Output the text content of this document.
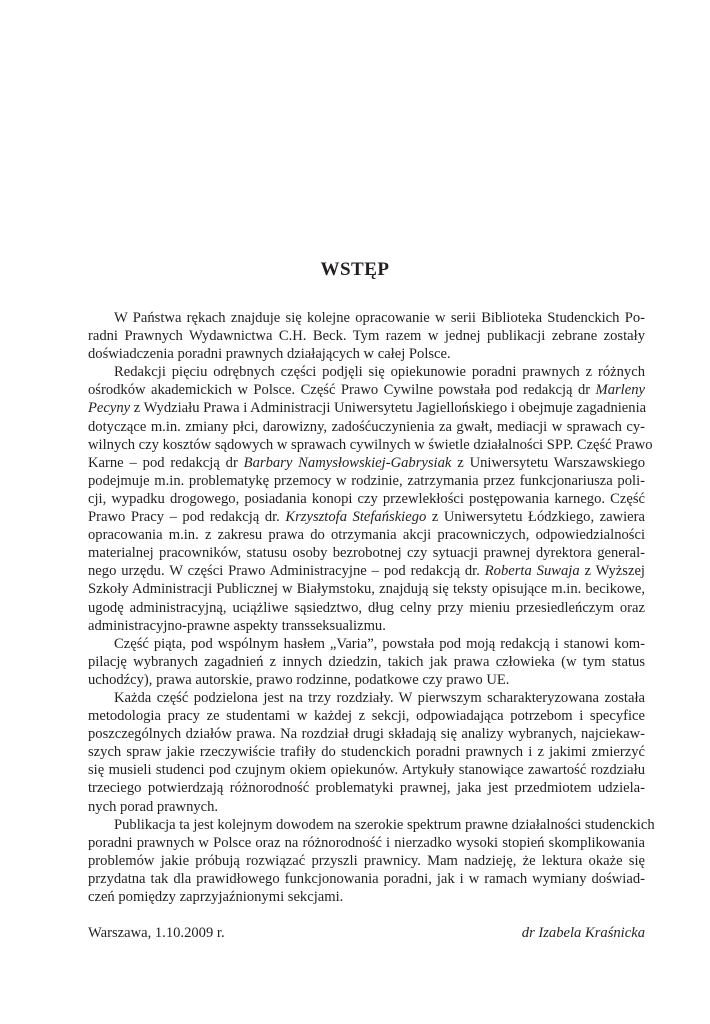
WSTĘP
W Państwa rękach znajduje się kolejne opracowanie w serii Biblioteka Studenckich Po-
radni Prawnych Wydawnictwa C.H. Beck. Tym razem w jednej publikacji zebrane zostały
doświadczenia poradni prawnych działających w całej Polsce.
Redakcji pięciu odrębnych części podjęli się opiekunowie poradni prawnych z różnych
ośrodków akademickich w Polsce. Część Prawo Cywilne powstała pod redakcją dr Marleny
Pecyny z Wydziału Prawa i Administracji Uniwersytetu Jagiellońskiego i obejmuje zagadnienia
dotyczące m.in. zmiany płci, darowizny, zadośćuczynienia za gwałt, mediacji w sprawach cy-
wilnych czy kosztów sądowych w sprawach cywilnych w świetle działalności SPP. Część Prawo
Karne – pod redakcją dr Barbary Namysłowskiej-Gabrysiak z Uniwersytetu Warszawskiego
podejmuje m.in. problematykę przemocy w rodzinie, zatrzymania przez funkcjonariusza poli-
cji, wypadku drogowego, posiadania konopi czy przewlekłości postępowania karnego. Część
Prawo Pracy – pod redakcją dr. Krzysztofa Stefańskiego z Uniwersytetu Łódzkiego, zawiera
opracowania m.in. z zakresu prawa do otrzymania akcji pracowniczych, odpowiedzialności
materialnej pracowników, statusu osoby bezrobotnej czy sytuacji prawnej dyrektora general-
nego urzędu. W części Prawo Administracyjne – pod redakcją dr. Roberta Suwaja z Wyższej
Szkoły Administracji Publicznej w Białymstoku, znajdują się teksty opisujące m.in. becikowe,
ugodę administracyjną, uciążliwe sąsiedztwo, dług celny przy mieniu przesiedleńczym oraz
administracyjno-prawne aspekty transseksualizmu.
Część piąta, pod wspólnym hasłem „Varia”, powstała pod moją redakcją i stanowi kom-
pilację wybranych zagadnień z innych dziedzin, takich jak prawa człowieka (w tym status
uchodźcy), prawa autorskie, prawo rodzinne, podatkowe czy prawo UE.
Każda część podzielona jest na trzy rozdziały. W pierwszym scharakteryzowana została
metodologia pracy ze studentami w każdej z sekcji, odpowiadająca potrzebom i specyfice
poszczególnych działów prawa. Na rozdział drugi składają się analizy wybranych, najciekaw-
szych spraw jakie rzeczywiście trafiły do studenckich poradni prawnych i z jakimi zmierzyć
się musieli studenci pod czujnym okiem opiekunów. Artykuły stanowiące zawartość rozdziału
trzeciego potwierdzają różnorodność problematyki prawnej, jaka jest przedmiotem udziela-
nych porad prawnych.
Publikacja ta jest kolejnym dowodem na szerokie spektrum prawne działalności studenckich
poradni prawnych w Polsce oraz na różnorodność i nierzadko wysoki stopień skomplikowania
problemów jakie próbują rozwiązać przyszli prawnicy. Mam nadzieję, że lektura okaże się
przydatna tak dla prawidłowego funkcjonowania poradni, jak i w ramach wymiany doświad-
czeń pomiędzy zaprzyjaźnionymi sekcjami.
Warszawa, 1.10.2009 r.	dr Izabela Kraśnicka
